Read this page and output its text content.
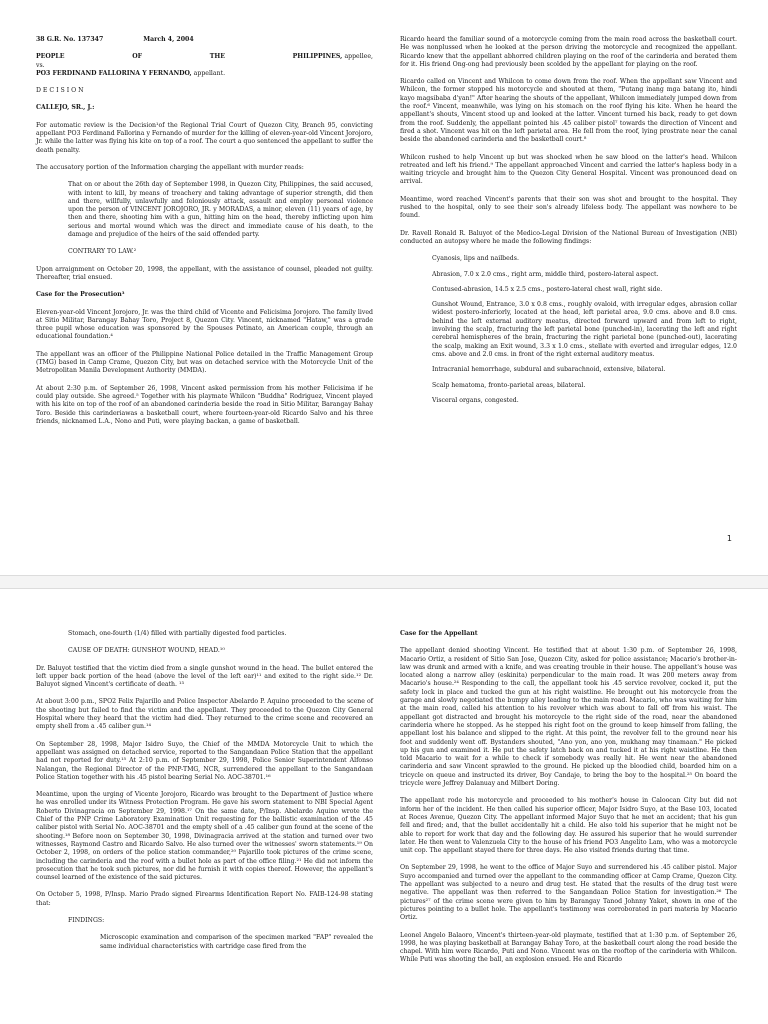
38 G.R. No. 137347	March 4, 2004
PEOPLE	OF	THE	PHILIPPINES, appellee,
vs.

PO3 FERDINAND FALLORINA Y FERNANDO, appellant.

D E C I S I O N

CALLEJO, SR., J.:

For automatic review is the Decision¹of the Regional Trial Court of Quezon City, Branch 95, convicting appellant PO3 Ferdinand Fallorina y Fernando of murder for the killing of eleven-year-old Vincent Jorojoro, Jr. while the latter was flying his kite on top of a roof. The court a quo sentenced the appellant to suffer the death penalty.

The accusatory portion of the Information charging the appellant with murder reads:

That on or about the 26th day of September 1998, in Quezon City, Philippines, the said accused, with intent to kill, by means of treachery and taking advantage of superior strength, did then and there, willfully, unlawfully and feloniously attack, assault and employ personal violence upon the person of VINCENT JOROJORO, JR. y MORADAS, a minor, eleven (11) years of age, by then and there, shooting him with a gun, hitting him on the head, thereby inflicting upon him serious and mortal wound which was the direct and immediate cause of his death, to the damage and prejudice of the heirs of the said offended party.

CONTRARY TO LAW.²

Upon arraignment on October 20, 1998, the appellant, with the assistance of counsel, pleaded not guilty. Thereafter, trial ensued.

Case for the Prosecution³

Eleven-year-old Vincent Jorojoro, Jr. was the third child of Vicente and Felicisima Jorojoro. The family lived at Sitio Militar, Barangay Bahay Toro, Project 8, Quezon City. Vincent, nicknamed "Hataw," was a grade three pupil whose education was sponsored by the Spouses Petinato, an American couple, through an educational foundation.⁴

The appellant was an officer of the Philippine National Police detailed in the Traffic Management Group (TMG) based in Camp Crame, Quezon City, but was on detached service with the Motorcycle Unit of the Metropolitan Manila Development Authority (MMDA).

At about 2:30 p.m. of September 26, 1998, Vincent asked permission from his mother Felicisima if he could play outside. She agreed.⁵ Together with his playmate Whilcon "Buddha" Rodriguez, Vincent played with his kite on top of the roof of an abandoned carinderia beside the road in Sitio Militar, Barangay Bahay Toro. Beside this carinderiawas a basketball court, where fourteen-year-old Ricardo Salvo and his three friends, nicknamed L.A., Nono and Puti, were playing backan, a game of basketball.

Ricardo heard the familiar sound of a motorcycle coming from the main road across the basketball court. He was nonplussed when he looked at the person driving the motorcycle and recognized the appellant. Ricardo knew that the appellant abhorred children playing on the roof of the carinderia and berated them for it. His friend Ong-ong had previously been scolded by the appellant for playing on the roof.

Ricardo called on Vincent and Whilcon to come down from the roof. When the appellant saw Vincent and Whilcon, the former stopped his motorcycle and shouted at them, "Putang inang mga batang ito, hindi kayo magsibaba d'yan!" After hearing the shouts of the appellant, Whilcon immediately jumped down from the roof.⁶ Vincent, meanwhile, was lying on his stomach on the roof flying his kite. When he heard the appellant's shouts, Vincent stood up and looked at the latter. Vincent turned his back, ready to get down from the roof. Suddenly, the appellant pointed his .45 caliber pistol⁷ towards the direction of Vincent and fired a shot. Vincent was hit on the left parietal area. He fell from the roof, lying prostrate near the canal beside the abandoned carinderia and the basketball court.⁸

Whilcon rushed to help Vincent up but was shocked when he saw blood on the latter's head. Whilcon retreated and left his friend.⁹ The appellant approached Vincent and carried the latter's hapless body in a waiting tricycle and brought him to the Quezon City General Hospital. Vincent was pronounced dead on arrival.

Meantime, word reached Vincent's parents that their son was shot and brought to the hospital. They rushed to the hospital, only to see their son's already lifeless body. The appellant was nowhere to be found.

Dr. Ravell Ronald R. Baluyot of the Medico-Legal Division of the National Bureau of Investigation (NBI) conducted an autopsy where he made the following findings:

Cyanosis, lips and nailbeds.

Abrasion, 7.0 x 2.0 cms., right arm, middle third, postero-lateral aspect.

Contused-abrasion, 14.5 x 2.5 cms., postero-lateral chest wall, right side.

Gunshot Wound, Entrance, 3.0 x 0.8 cms., roughly ovaloid, with irregular edges, abrasion collar widest postero-inferiorly, located at the head, left parietal area, 9.0 cms. above and 8.0 cms. behind the left external auditory meatus, directed forward upward and from left to right, involving the scalp, fracturing the left parietal bone (punched-in), lacerating the left and right cerebral hemispheres of the brain, fracturing the right parietal bone (punched-out), lacerating the scalp, making an Exit wound, 3.3 x 1.0 cms., stellate with everted and irregular edges, 12.0 cms. above and 2.0 cms. in front of the right external auditory meatus.

Intracranial hemorrhage, subdural and subarachnoid, extensive, bilateral.

Scalp hematoma, fronto-parietal areas, bilateral.

Visceral organs, congested.

1

Stomach, one-fourth (1/4) filled with partially digested food particles.

CAUSE OF DEATH: GUNSHOT WOUND, HEAD.¹⁰

Dr. Baluyot testified that the victim died from a single gunshot wound in the head. The bullet entered the left upper back portion of the head (above the level of the left ear)¹¹ and exited to the right side.¹² Dr. Baluyot signed Vincent's certificate of death. ¹³

At about 3:00 p.m., SPO2 Felix Pajarillo and Police Inspector Abelardo P. Aquino proceeded to the scene of the shooting but failed to find the victim and the appellant. They proceeded to the Quezon City General Hospital where they heard that the victim had died. They returned to the crime scene and recovered an empty shell from a .45 caliber gun.¹⁴

On September 28, 1998, Major Isidro Suyo, the Chief of the MMDA Motorcycle Unit to which the appellant was assigned on detached service, reported to the Sangandaan Police Station that the appellant had not reported for duty.¹⁵ At 2:10 p.m. of September 29, 1998, Police Senior Superintendent Alfonso Nalangan, the Regional Director of the PNP-TMG, NCR, surrendered the appellant to the Sangandaan Police Station together with his .45 pistol bearing Serial No. AOC-38701.¹⁶

Meantime, upon the urging of Vicente Jorojoro, Ricardo was brought to the Department of Justice where he was enrolled under its Witness Protection Program. He gave his sworn statement to NBI Special Agent Roberto Divinagracia on September 29, 1998.¹⁷ On the same date, P/Insp. Abelardo Aquino wrote the Chief of the PNP Crime Laboratory Examination Unit requesting for the ballistic examination of the .45 caliber pistol with Serial No. AOC-38701 and the empty shell of a .45 caliber gun found at the scene of the shooting.¹⁸ Before noon on September 30, 1998, Divinagracia arrived at the station and turned over two witnesses, Raymond Castro and Ricardo Salvo. He also turned over the witnesses' sworn statements.¹⁹ On October 2, 1998, on orders of the police station commander,²⁰ Pajarillo took pictures of the crime scene, including the carinderia and the roof with a bullet hole as part of the office filing.²¹ He did not inform the prosecution that he took such pictures, nor did he furnish it with copies thereof. However, the appellant's counsel learned of the existence of the said pictures.

On October 5, 1998, P/Insp. Mario Prado signed Firearms Identification Report No. FAIB-124-98 stating that:

FINDINGS:

Microscopic examination and comparison of the specimen marked "FAP" revealed the same individual characteristics with cartridge case fired from the

Case for the Appellant

The appellant denied shooting Vincent. He testified that at about 1:30 p.m. of September 26, 1998, Macario Ortiz, a resident of Sitio San Jose, Quezon City, asked for police assistance; Macario's brother-in-law was drunk and armed with a knife, and was creating trouble in their house. The appellant's house was located along a narrow alley (eskinita) perpendicular to the main road. It was 200 meters away from Macario's house.²⁴ Responding to the call, the appellant took his .45 service revolver, cocked it, put the safety lock in place and tucked the gun at his right waistline. He brought out his motorcycle from the garage and slowly negotiated the bumpy alley leading to the main road. Macario, who was waiting for him at the main road, called his attention to his revolver which was about to fall off from his waist. The appellant got distracted and brought his motorcycle to the right side of the road, near the abandoned carinderia where he stopped. As he stepped his right foot on the ground to keep himself from falling, the appellant lost his balance and slipped to the right. At this point, the revolver fell to the ground near his foot and suddenly went off. Bystanders shouted, "Ano yon, ano yon, mukhang may tinamaan." He picked up his gun and examined it. He put the safety latch back on and tucked it at his right waistline. He then told Macario to wait for a while to check if somebody was really hit. He went near the abandoned carinderia and saw Vincent sprawled to the ground. He picked up the bloodied child, boarded him on a tricycle on queue and instructed its driver, Boy Candaje, to bring the boy to the hospital.²⁵ On board the tricycle were Jeffrey Dalanuay and Milbert Doring.

The appellant rode his motorcycle and proceeded to his mother's house in Caloocan City but did not inform her of the incident. He then called his superior officer, Major Isidro Suyo, at the Base 103, located at Roces Avenue, Quezon City. The appellant informed Major Suyo that he met an accident; that his gun fell and fired; and, that the bullet accidentally hit a child. He also told his superior that he might not be able to report for work that day and the following day. He assured his superior that he would surrender later. He then went to Valenzuela City to the house of his friend PO3 Angelito Lam, who was a motorcycle unit cop. The appellant stayed there for three days. He also visited friends during that time.

On September 29, 1998, he went to the office of Major Suyo and surrendered his .45 caliber pistol. Major Suyo accompanied and turned over the appellant to the commanding officer at Camp Crame, Quezon City. The appellant was subjected to a neuro and drug test. He stated that the results of the drug test were negative. The appellant was then referred to the Sangandaan Police Station for investigation.²⁶ The pictures²⁷ of the crime scene were given to him by Barangay Tanod Johnny Yaket, shown in one of the pictures pointing to a bullet hole. The appellant's testimony was corroborated in pari materia by Macario Ortiz.

Leonel Angelo Balaoro, Vincent's thirteen-year-old playmate, testified that at 1:30 p.m. of September 26, 1998, he was playing basketball at Barangay Bahay Toro, at the basketball court along the road beside the chapel. With him were Ricardo, Puti and Nono. Vincent was on the rooftop of the carinderia with Whilcon. While Puti was shooting the ball, an explosion ensued. He and Ricardo
